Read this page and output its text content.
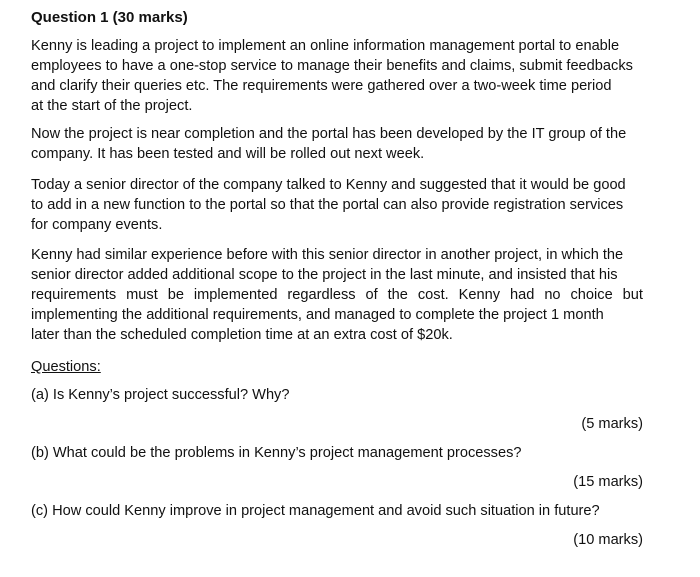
Question 1 (30 marks)
Kenny is leading a project to implement an online information management portal to enable
employees to have a one-stop service to manage their benefits and claims, submit feedbacks
and clarify their queries etc. The requirements were gathered over a two-week time period
at the start of the project.
Now the project is near completion and the portal has been developed by the IT group of the
company. It has been tested and will be rolled out next week.
Today a senior director of the company talked to Kenny and suggested that it would be good
to add in a new function to the portal so that the portal can also provide registration services
for company events.
Kenny had similar experience before with this senior director in another project, in which the
senior director added additional scope to the project in the last minute, and insisted that his
requirements must be implemented regardless of the cost. Kenny had no choice but
implementing the additional requirements, and managed to complete the project 1 month
later than the scheduled completion time at an extra cost of $20k.
Questions:
(a) Is Kenny’s project successful? Why?
(5 marks)
(b) What could be the problems in Kenny’s project management processes?
(15 marks)
(c) How could Kenny improve in project management and avoid such situation in future?
(10 marks)
